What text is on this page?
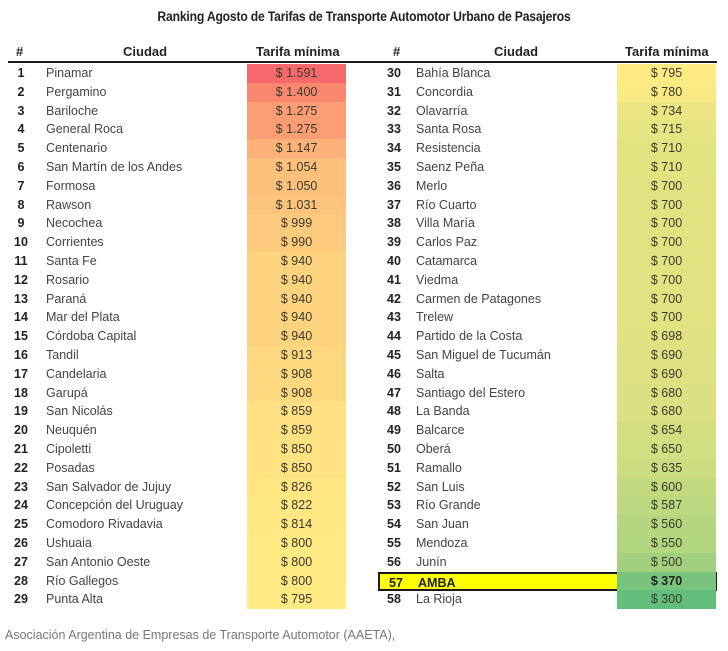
Ranking Agosto de Tarifas de Transporte Automotor Urbano de Pasajeros
#	Ciudad	Tarifa mínima	#	Ciudad	Tarifa mínima
1	Pinamar	$ 1.591
2	Pergamino	$ 1.400
3	Bariloche	$ 1.275
4	General Roca	$ 1.275
5	Centenario	$ 1.147
6	San Martín de los Andes	$ 1.054
7	Formosa	$ 1.050
8	Rawson	$ 1.031
9	Necochea	$ 999
10	Corrientes	$ 990
11	Santa Fe	$ 940
12	Rosario	$ 940
13	Paraná	$ 940
14	Mar del Plata	$ 940
15	Córdoba Capital	$ 940
16	Tandil	$ 913
17	Candelaria	$ 908
18	Garupá	$ 908
19	San Nicolás	$ 859
20	Neuquén	$ 859
21	Cipoletti	$ 850
22	Posadas	$ 850
23	San Salvador de Jujuy	$ 826
24	Concepción del Uruguay	$ 822
25	Comodoro Rivadavia	$ 814
26	Ushuaia	$ 800
27	San Antonio Oeste	$ 800
28	Río Gallegos	$ 800
29	Punta Alta	$ 795
30	Bahía Blanca	$ 795
31	Concordia	$ 780
32	Olavarría	$ 734
33	Santa Rosa	$ 715
34	Resistencia	$ 710
35	Saenz Peña	$ 710
36	Merlo	$ 700
37	Río Cuarto	$ 700
38	Villa María	$ 700
39	Carlos Paz	$ 700
40	Catamarca	$ 700
41	Viedma	$ 700
42	Carmen de Patagones	$ 700
43	Trelew	$ 700
44	Partido de la Costa	$ 698
45	San Miguel de Tucumán	$ 690
46	Salta	$ 690
47	Santiago del Estero	$ 680
48	La Banda	$ 680
49	Balcarce	$ 654
50	Oberá	$ 650
51	Ramallo	$ 635
52	San Luis	$ 600
53	Río Grande	$ 587
54	San Juan	$ 560
55	Mendoza	$ 550
56	Junín	$ 500
57	AMBA	$ 370
58	La Rioja	$ 300
Asociación Argentina de Empresas de Transporte Automotor (AAETA),
